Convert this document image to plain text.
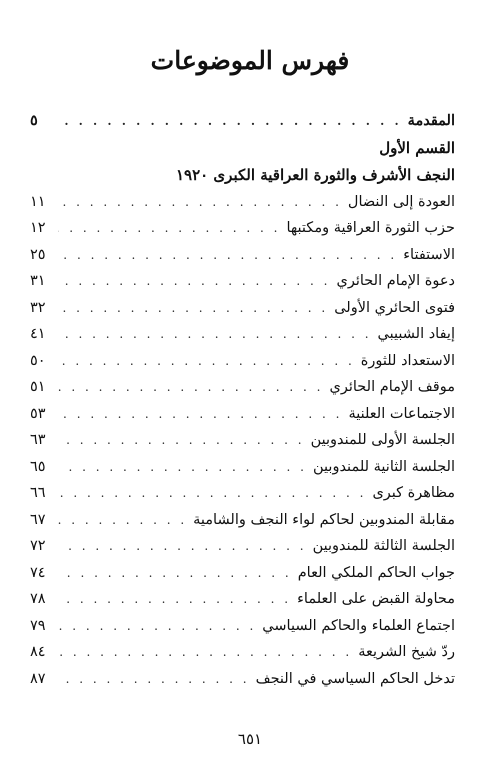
فهرس الموضوعات
المقدمة
. . .
٥
القسم الأول
النجف الأشرف والثورة العراقية الكبرى ١٩٢٠
العودة إلى النضال
. . .
١١
حزب الثورة العراقية ومكتبها
. . .
١٢
الاستفتاء
. . .
٢٥
دعوة الإمام الحائري
. . .
٣١
فتوى الحائري الأولى
. . .
٣٢
إيفاد الشبيبي
. . .
٤١
الاستعداد للثورة
. . .
٥٠
موقف الإمام الحائري
. . .
٥١
الاجتماعات العلنية
. . .
٥٣
الجلسة الأولى للمندوبين
. . .
٦٣
الجلسة الثانية للمندوبين
. . .
٦٥
مظاهرة كبرى
. . .
٦٦
مقابلة المندوبين لحاكم لواء النجف والشامية
. . .
٦٧
الجلسة الثالثة للمندوبين
. . .
٧٢
جواب الحاكم الملكي العام
. . .
٧٤
محاولة القبض على العلماء
. . .
٧٨
اجتماع العلماء والحاكم السياسي
. . .
٧٩
ردّ شيخ الشريعة
. . .
٨٤
تدخل الحاكم السياسي في النجف
. . .
٨٧
٦٥١
